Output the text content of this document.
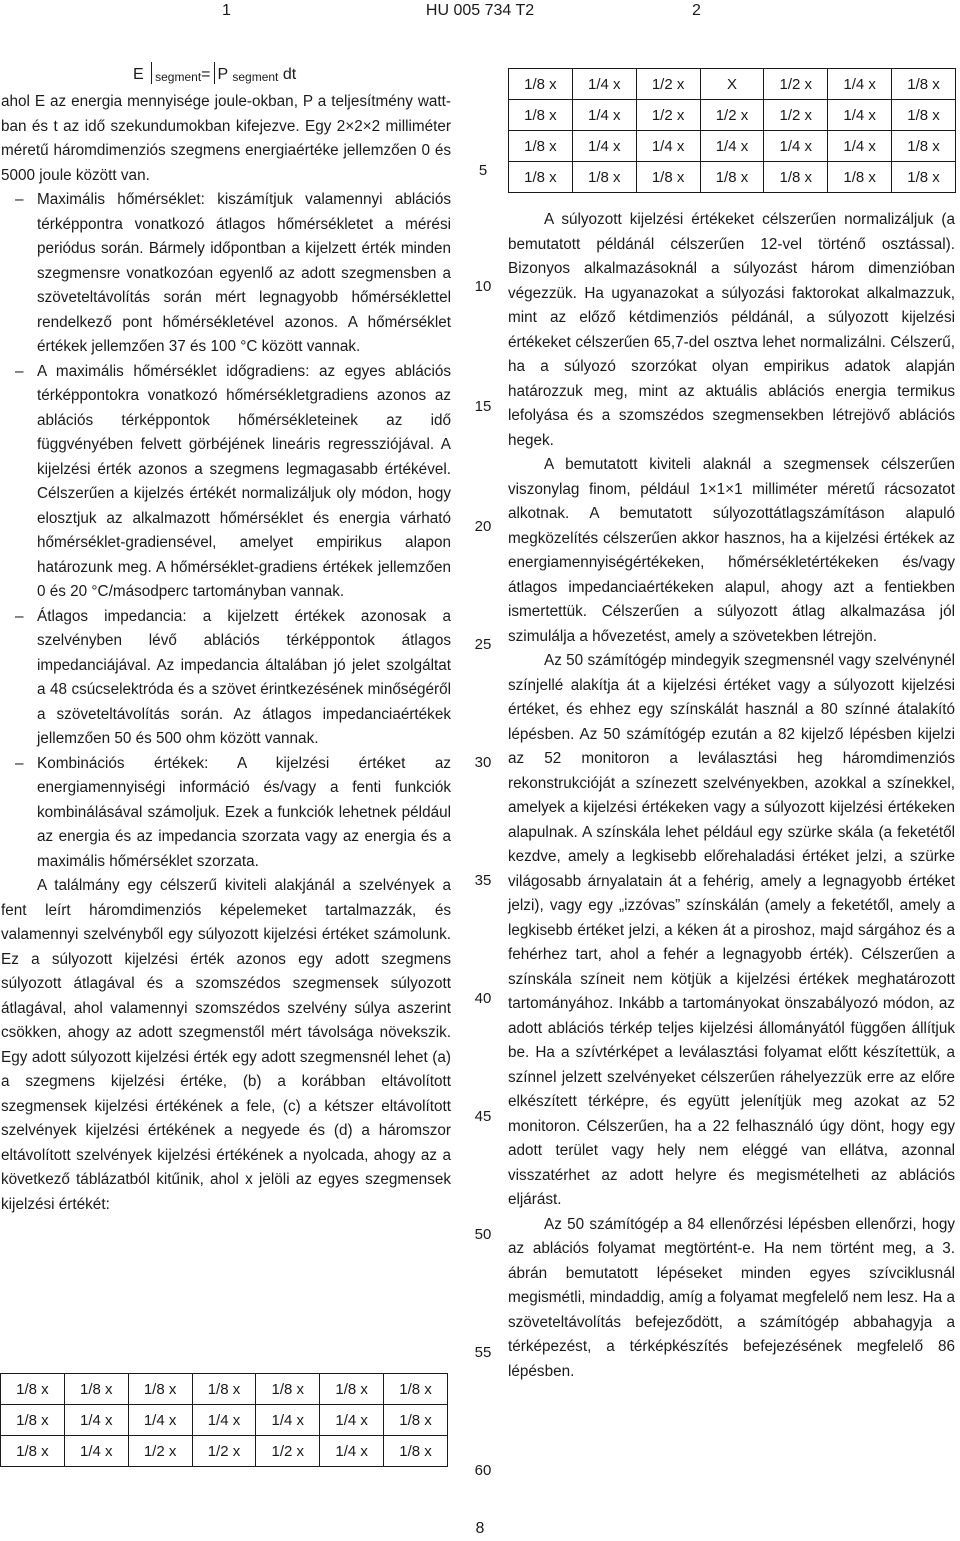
1	HU 005 734 T2	2
E segment= P segment dt

ahol E az energia mennyisége joule-okban, P a teljesítmény watt-ban és t az idő szekundumokban kifejezve. Egy 2×2×2 milliméter méretű háromdimenziós szegmens energiaértéke jellemzően 0 és 5000 joule között van.

– Maximális hőmérséklet: kiszámítjuk valamennyi ablációs térképpontra vonatkozó átlagos hőmérsékletet a mérési periódus során. Bármely időpontban a kijelzett érték minden szegmensre vonatkozóan egyenlő az adott szegmensben a szöveteltávolítás során mért legnagyobb hőmérséklettel rendelkező pont hőmérsékletével azonos. A hőmérséklet értékek jellemzően 37 és 100 °C között vannak.
– A maximális hőmérséklet időgradiens: az egyes ablációs térképpontokra vonatkozó hőmérsékletgradiens azonos az ablációs térképpontok hőmérsékleteinek az idő függvényében felvett görbéjének lineáris regressziójával. A kijelzési érték azonos a szegmens legmagasabb értékével. Célszerűen a kijelzés értékét normalizáljuk oly módon, hogy elosztjuk az alkalmazott hőmérséklet és energia várható hőmérséklet-gradiensével, amelyet empirikus alapon határozunk meg. A hőmérséklet-gradiens értékek jellemzően 0 és 20 °C/másodperc tartományban vannak.
– Átlagos impedancia: a kijelzett értékek azonosak a szelvényben lévő ablációs térképpontok átlagos impedanciájával. Az impedancia általában jó jelet szolgáltat a 48 csúcselektróda és a szövet érintkezésének minőségéről a szöveteltávolítás során. Az átlagos impedanciaértékek jellemzően 50 és 500 ohm között vannak.
– Kombinációs értékek: A kijelzési értéket az energiamennyiségi információ és/vagy a fenti funkciók kombinálásával számoljuk. Ezek a funkciók lehetnek például az energia és az impedancia szorzata vagy az energia és a maximális hőmérséklet szorzata.

A találmány egy célszerű kiviteli alakjánál a szelvények a fent leírt háromdimenziós képelemeket tartalmazzák, és valamennyi szelvényből egy súlyozott kijelzési értéket számolunk. Ez a súlyozott kijelzési érték azonos egy adott szegmens súlyozott átlagával és a szomszédos szegmensek súlyozott átlagával, ahol valamennyi szomszédos szelvény súlya aszerint csökken, ahogy az adott szegmenstől mért távolsága növekszik. Egy adott súlyozott kijelzési érték egy adott szegmensnél lehet (a) a szegmens kijelzési értéke, (b) a korábban eltávolított szegmensek kijelzési értékének a fele, (c) a kétszer eltávolított szelvények kijelzési értékének a negyede és (d) a háromszor eltávolított szelvények kijelzési értékének a nyolcada, ahogy az a következő táblázatból kitűnik, ahol x jelöli az egyes szegmensek kijelzési értékét:

1/8 x	1/8 x	1/8 x	1/8 x	1/8 x	1/8 x	1/8 x
1/8 x	1/4 x	1/4 x	1/4 x	1/4 x	1/4 x	1/8 x
1/8 x	1/4 x	1/2 x	1/2 x	1/2 x	1/4 x	1/8 x
1/8 x	1/4 x	1/2 x	X	1/2 x	1/4 x	1/8 x
1/8 x	1/4 x	1/2 x	1/2 x	1/2 x	1/4 x	1/8 x
1/8 x	1/4 x	1/4 x	1/4 x	1/4 x	1/4 x	1/8 x
1/8 x	1/8 x	1/8 x	1/8 x	1/8 x	1/8 x	1/8 x

A súlyozott kijelzési értékeket célszerűen normalizáljuk (a bemutatott példánál célszerűen 12-vel történő osztással). Bizonyos alkalmazásoknál a súlyozást három dimenzióban végezzük. Ha ugyanazokat a súlyozási faktorokat alkalmazzuk, mint az előző kétdimenziós példánál, a súlyozott kijelzési értékeket célszerűen 65,7-del osztva lehet normalizálni. Célszerű, ha a súlyozó szorzókat olyan empirikus adatok alapján határozzuk meg, mint az aktuális ablációs energia termikus lefolyása és a szomszédos szegmensekben létrejövő ablációs hegek.

A bemutatott kiviteli alaknál a szegmensek célszerűen viszonylag finom, például 1×1×1 milliméter méretű rácsozatot alkotnak. A bemutatott súlyozottátlagszámításon alapuló megközelítés célszerűen akkor hasznos, ha a kijelzési értékek az energiamennyiségértékeken, hőmérsékletértékeken és/vagy átlagos impedanciaértékeken alapul, ahogy azt a fentiekben ismertettük. Célszerűen a súlyozott átlag alkalmazása jól szimulálja a hővezetést, amely a szövetekben létrejön.

Az 50 számítógép mindegyik szegmensnél vagy szelvénynél színjellé alakítja át a kijelzési értéket vagy a súlyozott kijelzési értéket, és ehhez egy színskálát használ a 80 színné átalakító lépésben. Az 50 számítógép ezután a 82 kijelző lépésben kijelzi az 52 monitoron a leválasztási heg háromdimenziós rekonstrukcióját a színezett szelvényekben, azokkal a színekkel, amelyek a kijelzési értékeken vagy a súlyozott kijelzési értékeken alapulnak. A színskála lehet például egy szürke skála (a feketétől kezdve, amely a legkisebb előrehaladási értéket jelzi, a szürke világosabb árnyalatain át a fehérig, amely a legnagyobb értéket jelzi), vagy egy „izzóvas” színskálán (amely a feketétől, amely a legkisebb értéket jelzi, a kéken át a piroshoz, majd sárgához és a fehérhez tart, ahol a fehér a legnagyobb érték). Célszerűen a színskála színeit nem kötjük a kijelzési értékek meghatározott tartományához. Inkább a tartományokat önszabályozó módon, az adott ablációs térkép teljes kijelzési állományától függően állítjuk be. Ha a szívtérképet a leválasztási folyamat előtt készítettük, a színnel jelzett szelvényeket célszerűen ráhelyezzük erre az előre elkészített térképre, és együtt jelenítjük meg azokat az 52 monitoron. Célszerűen, ha a 22 felhasználó úgy dönt, hogy egy adott terület vagy hely nem eléggé van ellátva, azonnal visszatérhet az adott helyre és megismételheti az ablációs eljárást.

Az 50 számítógép a 84 ellenőrzési lépésben ellenőrzi, hogy az ablációs folyamat megtörtént-e. Ha nem történt meg, a 3. ábrán bemutatott lépéseket minden egyes szívciklusnál megismétli, mindaddig, amíg a folyamat megfelelő nem lesz. Ha a szöveteltávolítás befejeződött, a számítógép abbahagyja a térképezést, a térképkészítés befejezésének megfelelő 86 lépésben.

5
10
15
20
25
30
35
40
45
50
55
60
8
